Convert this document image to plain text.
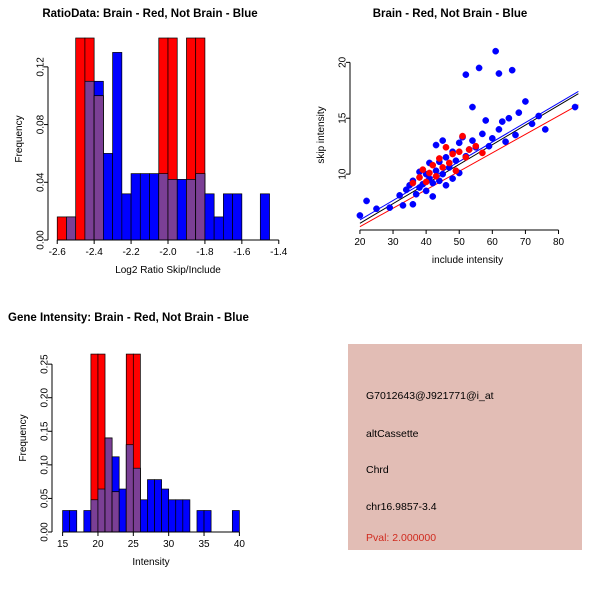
RatioData: Brain - Red, Not Brain - Blue
-2.6 -2.4 -2.2 -2.0 -1.8 -1.6 -1.4
0.00
0.04
0.08
0.12
Log2 Ratio Skip/Include
Frequency
Brain - Red, Not Brain - Blue
20 30 40 50 60 70 80
10
15
20
include intensity
skip intensity
Gene Intensity: Brain - Red, Not Brain - Blue
15 20 25 30 35 40
0.00
0.05
0.10
0.15
0.20
0.25
Intensity
Frequency
G7012643@J921771@i_at
altCassette
Chrd
chr16.9857-3.4
Pval: 2.000000
